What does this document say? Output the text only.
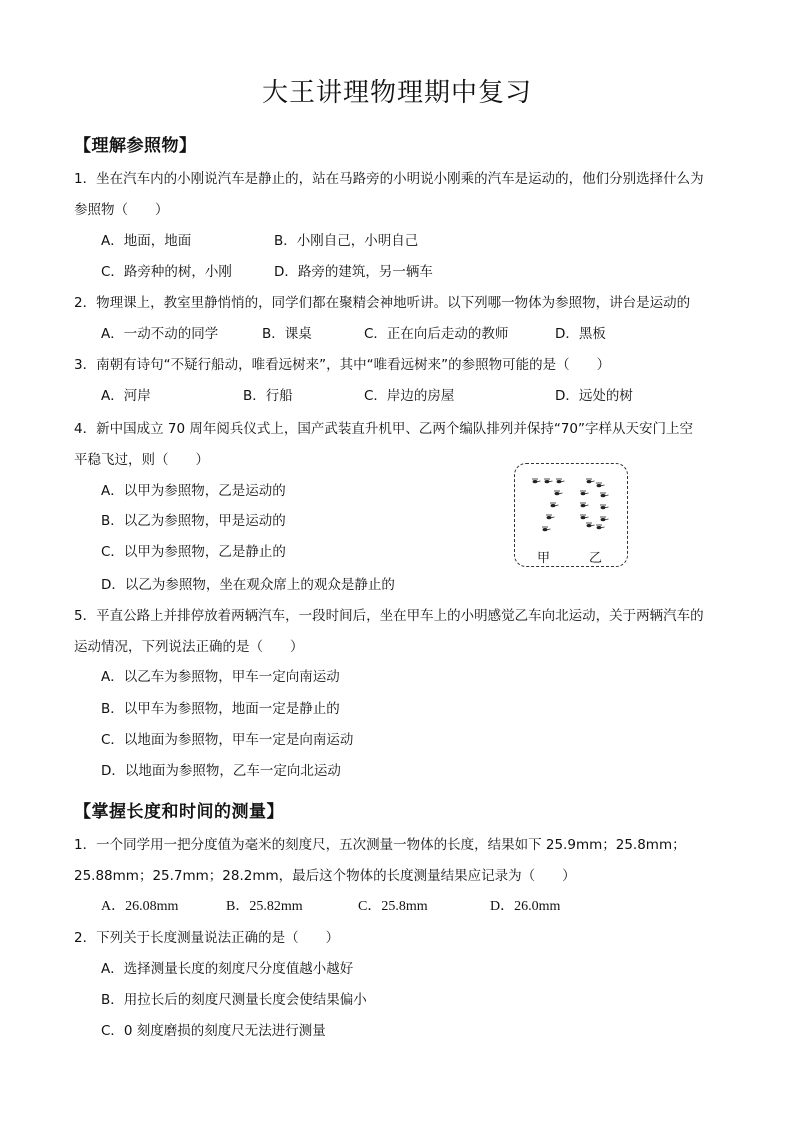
大王讲理物理期中复习
【理解参照物】
1．坐在汽车内的小刚说汽车是静止的，站在马路旁的小明说小刚乘的汽车是运动的，他们分别选择什么为
参照物（　　）
A．地面，地面	B．小刚自己，小明自己
C．路旁种的树，小刚	D．路旁的建筑，另一辆车
2．物理课上，教室里静悄悄的，同学们都在聚精会神地听讲。以下列哪一物体为参照物，讲台是运动的
A．一动不动的同学	B．课桌	C．正在向后走动的教师	D．黑板
3．南朝有诗句“不疑行船动，唯看远树来”，其中“唯看远树来”的参照物可能的是（　　）
A．河岸	B．行船	C．岸边的房屋	D．远处的树
4．新中国成立 70 周年阅兵仪式上，国产武装直升机甲、乙两个编队排列并保持“70”字样从天安门上空
平稳飞过，则（　　）
A．以甲为参照物，乙是运动的
B．以乙为参照物，甲是运动的
C．以甲为参照物，乙是静止的
D．以乙为参照物，坐在观众席上的观众是静止的
甲	乙
5．平直公路上并排停放着两辆汽车，一段时间后，坐在甲车上的小明感觉乙车向北运动，关于两辆汽车的
运动情况，下列说法正确的是（　　）
A．以乙车为参照物，甲车一定向南运动
B．以甲车为参照物，地面一定是静止的
C．以地面为参照物，甲车一定是向南运动
D．以地面为参照物，乙车一定向北运动
【掌握长度和时间的测量】
1．一个同学用一把分度值为毫米的刻度尺，五次测量一物体的长度，结果如下 25.9mm；25.8mm；
25.88mm；25.7mm；28.2mm，最后这个物体的长度测量结果应记录为（　　）
A．26.08mm	B．25.82mm	C．25.8mm	D．26.0mm
2．下列关于长度测量说法正确的是（　　）
A．选择测量长度的刻度尺分度值越小越好
B．用拉长后的刻度尺测量长度会使结果偏小
C．0 刻度磨损的刻度尺无法进行测量
